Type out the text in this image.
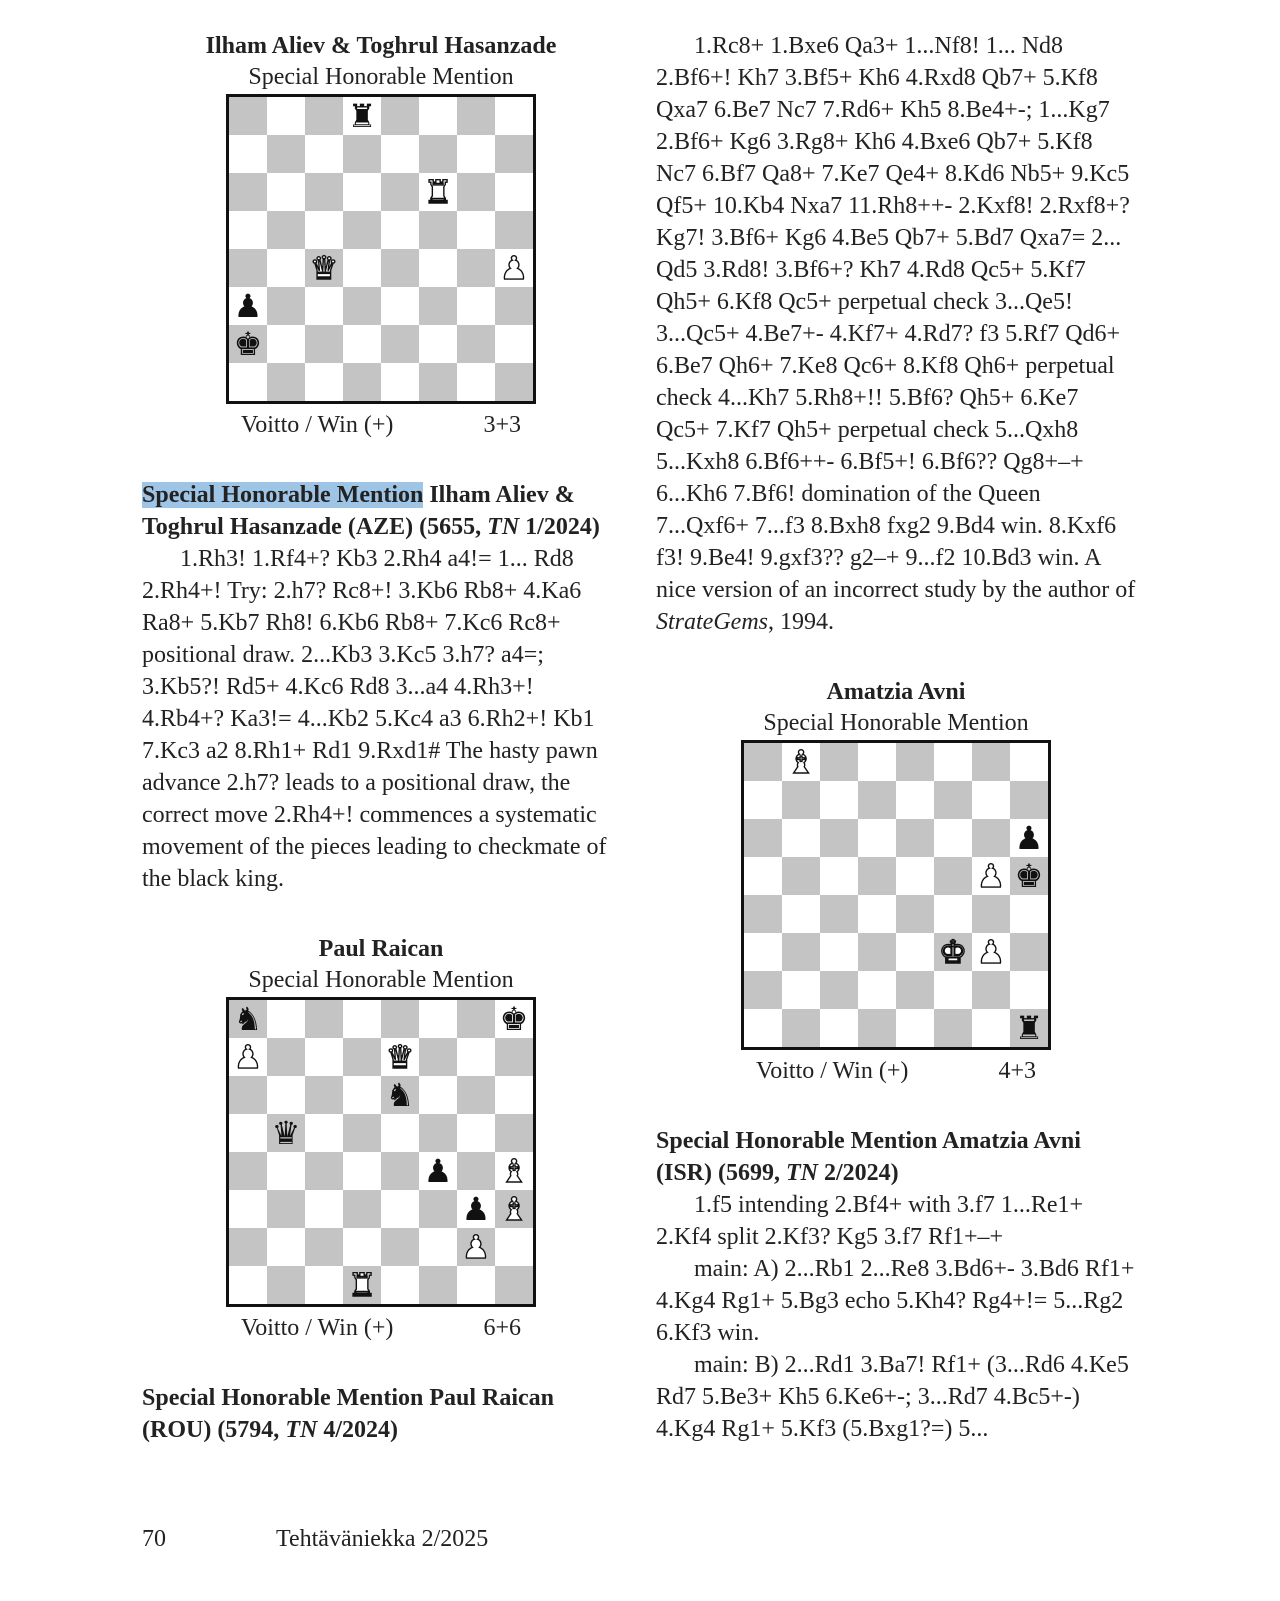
Ilham Aliev & Toghrul Hasanzade
Special Honorable Mention
♜
♜
♛	♟
♟
♚
Voitto / Win (+)	3+3
Special Honorable Mention Ilham Aliev & Toghrul Hasanzade (AZE) (5655, TN 1/2024)

1.Rh3! 1.Rf4+? Kb3 2.Rh4 a4!= 1... Rd8 2.Rh4+! Try: 2.h7? Rc8+! 3.Kb6 Rb8+ 4.Ka6 Ra8+ 5.Kb7 Rh8! 6.Kb6 Rb8+ 7.Kc6 Rc8+ positional draw. 2...Kb3 3.Kc5 3.h7? a4=; 3.Kb5?! Rd5+ 4.Kc6 Rd8 3...a4 4.Rh3+! 4.Rb4+? Ka3!= 4...Kb2 5.Kc4 a3 6.Rh2+! Kb1 7.Kc3 a2 8.Rh1+ Rd1 9.Rxd1# The hasty pawn advance 2.h7? leads to a positional draw, the correct move 2.Rh4+! commences a systematic movement of the pieces leading to checkmate of the black king.

Paul Raican
Special Honorable Mention
♞	♚
♟	♛
♞
♛
♟ ♝
♟ ♝
♟
♜
Voitto / Win (+)	6+6
Special Honorable Mention Paul Raican (ROU) (5794, TN 4/2024)

1.Rc8+ 1.Bxe6 Qa3+ 1...Nf8! 1... Nd8 2.Bf6+! Kh7 3.Bf5+ Kh6 4.Rxd8 Qb7+ 5.Kf8 Qxa7 6.Be7 Nc7 7.Rd6+ Kh5 8.Be4+-; 1...Kg7 2.Bf6+ Kg6 3.Rg8+ Kh6 4.Bxe6 Qb7+ 5.Kf8 Nc7 6.Bf7 Qa8+ 7.Ke7 Qe4+ 8.Kd6 Nb5+ 9.Kc5 Qf5+ 10.Kb4 Nxa7 11.Rh8++- 2.Kxf8! 2.Rxf8+? Kg7! 3.Bf6+ Kg6 4.Be5 Qb7+ 5.Bd7 Qxa7= 2... Qd5 3.Rd8! 3.Bf6+? Kh7 4.Rd8 Qc5+ 5.Kf7 Qh5+ 6.Kf8 Qc5+ perpetual check 3...Qe5! 3...Qc5+ 4.Be7+- 4.Kf7+ 4.Rd7? f3 5.Rf7 Qd6+ 6.Be7 Qh6+ 7.Ke8 Qc6+ 8.Kf8 Qh6+ perpetual check 4...Kh7 5.Rh8+!! 5.Bf6? Qh5+ 6.Ke7 Qc5+ 7.Kf7 Qh5+ perpetual check 5...Qxh8 5...Kxh8 6.Bf6++- 6.Bf5+! 6.Bf6?? Qg8+–+ 6...Kh6 7.Bf6! domination of the Queen 7...Qxf6+ 7...f3 8.Bxh8 fxg2 9.Bd4 win. 8.Kxf6 f3! 9.Be4! 9.gxf3?? g2–+ 9...f2 10.Bd3 win. A nice version of an incorrect study by the author of StrateGems, 1994.

Amatzia Avni
Special Honorable Mention
♝
♟
♟ ♚
♚ ♟
♜
Voitto / Win (+)	4+3
Special Honorable Mention Amatzia Avni (ISR) (5699, TN 2/2024)

1.f5 intending 2.Bf4+ with 3.f7 1...Re1+ 2.Kf4 split 2.Kf3? Kg5 3.f7 Rf1+–+

main: A) 2...Rb1 2...Re8 3.Bd6+- 3.Bd6 Rf1+ 4.Kg4 Rg1+ 5.Bg3 echo 5.Kh4? Rg4+!= 5...Rg2 6.Kf3 win.

main: B) 2...Rd1 3.Ba7! Rf1+ (3...Rd6 4.Ke5 Rd7 5.Be3+ Kh5 6.Ke6+-; 3...Rd7 4.Bc5+-) 4.Kg4 Rg1+ 5.Kf3 (5.Bxg1?=) 5...

70	Tehtäväniekka 2/2025
